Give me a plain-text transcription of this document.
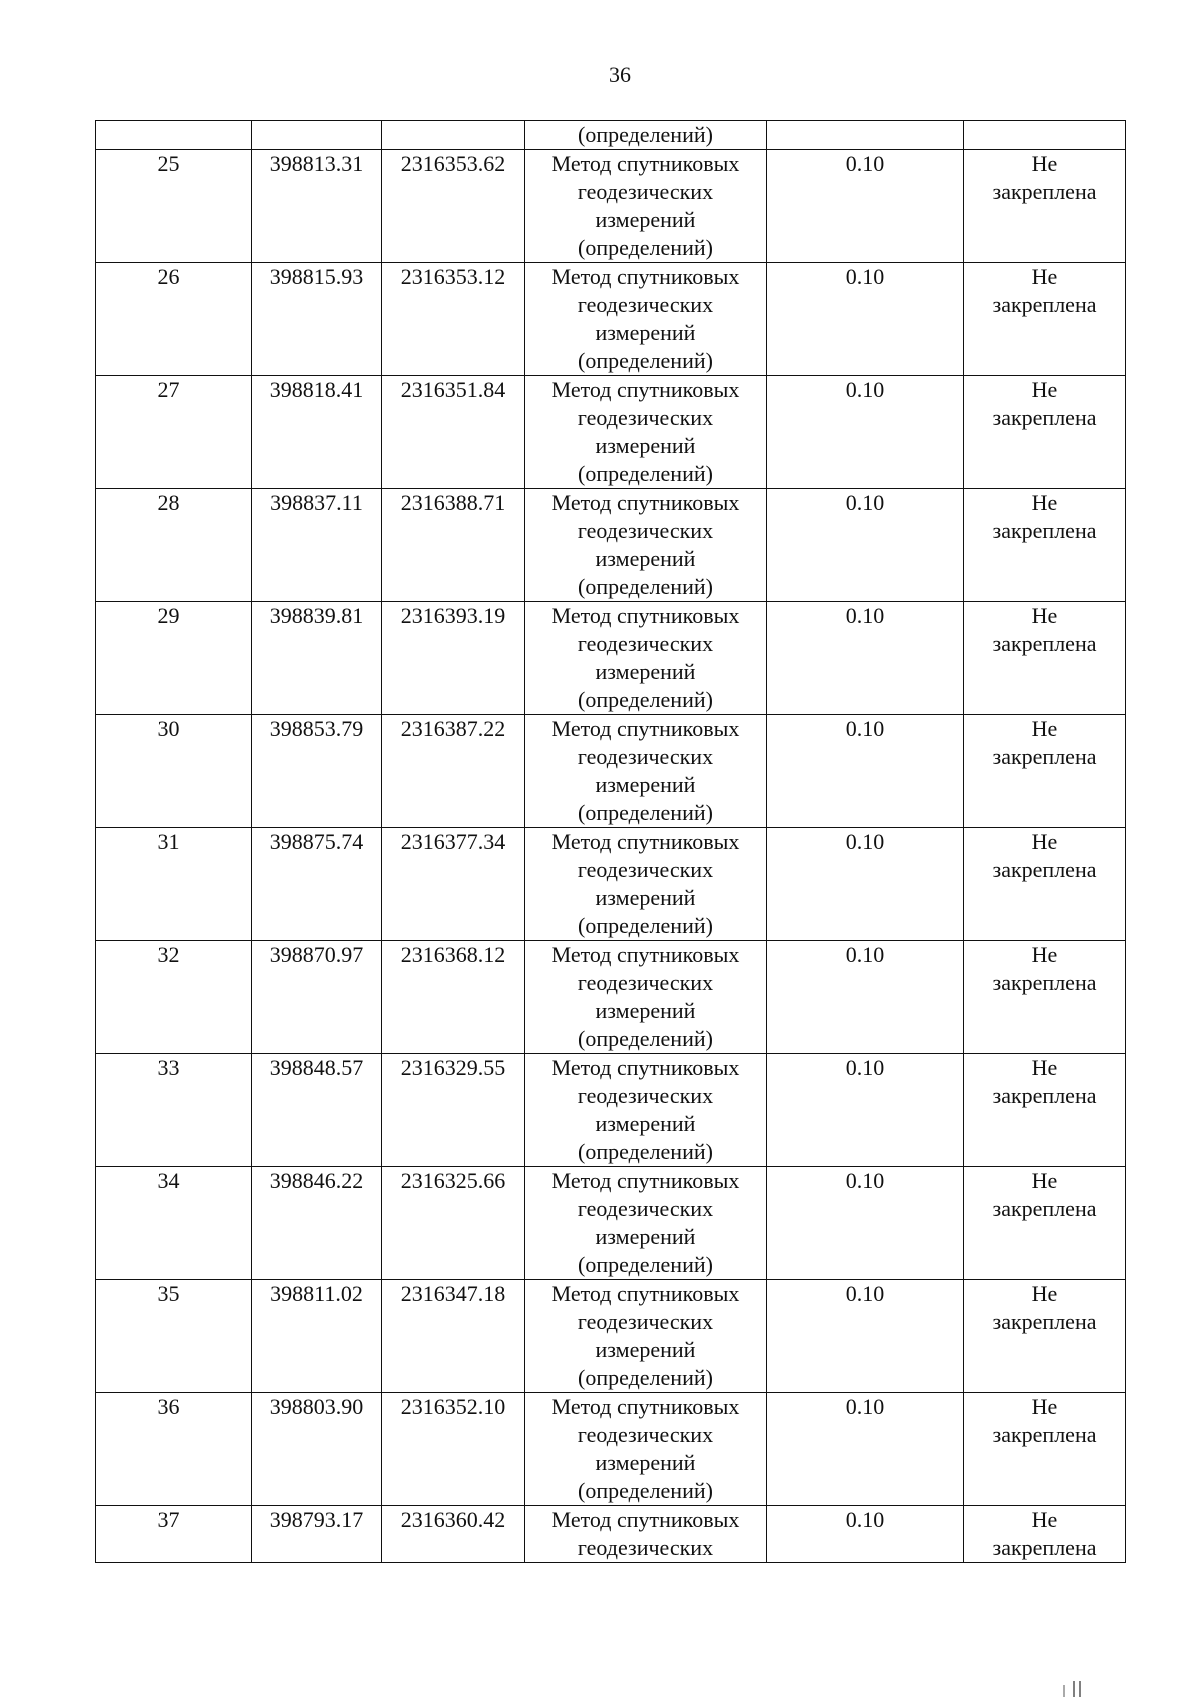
36

			(определений)		

25	398813.31	2316353.62	Метод спутниковых
геодезических
измерений
(определений)	0.10	Не
закреплена

26	398815.93	2316353.12	Метод спутниковых
геодезических
измерений
(определений)	0.10	Не
закреплена

27	398818.41	2316351.84	Метод спутниковых
геодезических
измерений
(определений)	0.10	Не
закреплена

28	398837.11	2316388.71	Метод спутниковых
геодезических
измерений
(определений)	0.10	Не
закреплена

29	398839.81	2316393.19	Метод спутниковых
геодезических
измерений
(определений)	0.10	Не
закреплена

30	398853.79	2316387.22	Метод спутниковых
геодезических
измерений
(определений)	0.10	Не
закреплена

31	398875.74	2316377.34	Метод спутниковых
геодезических
измерений
(определений)	0.10	Не
закреплена

32	398870.97	2316368.12	Метод спутниковых
геодезических
измерений
(определений)	0.10	Не
закреплена

33	398848.57	2316329.55	Метод спутниковых
геодезических
измерений
(определений)	0.10	Не
закреплена

34	398846.22	2316325.66	Метод спутниковых
геодезических
измерений
(определений)	0.10	Не
закреплена

35	398811.02	2316347.18	Метод спутниковых
геодезических
измерений
(определений)	0.10	Не
закреплена

36	398803.90	2316352.10	Метод спутниковых
геодезических
измерений
(определений)	0.10	Не
закреплена

37	398793.17	2316360.42	Метод спутниковых
геодезических	0.10	Не
закреплена
